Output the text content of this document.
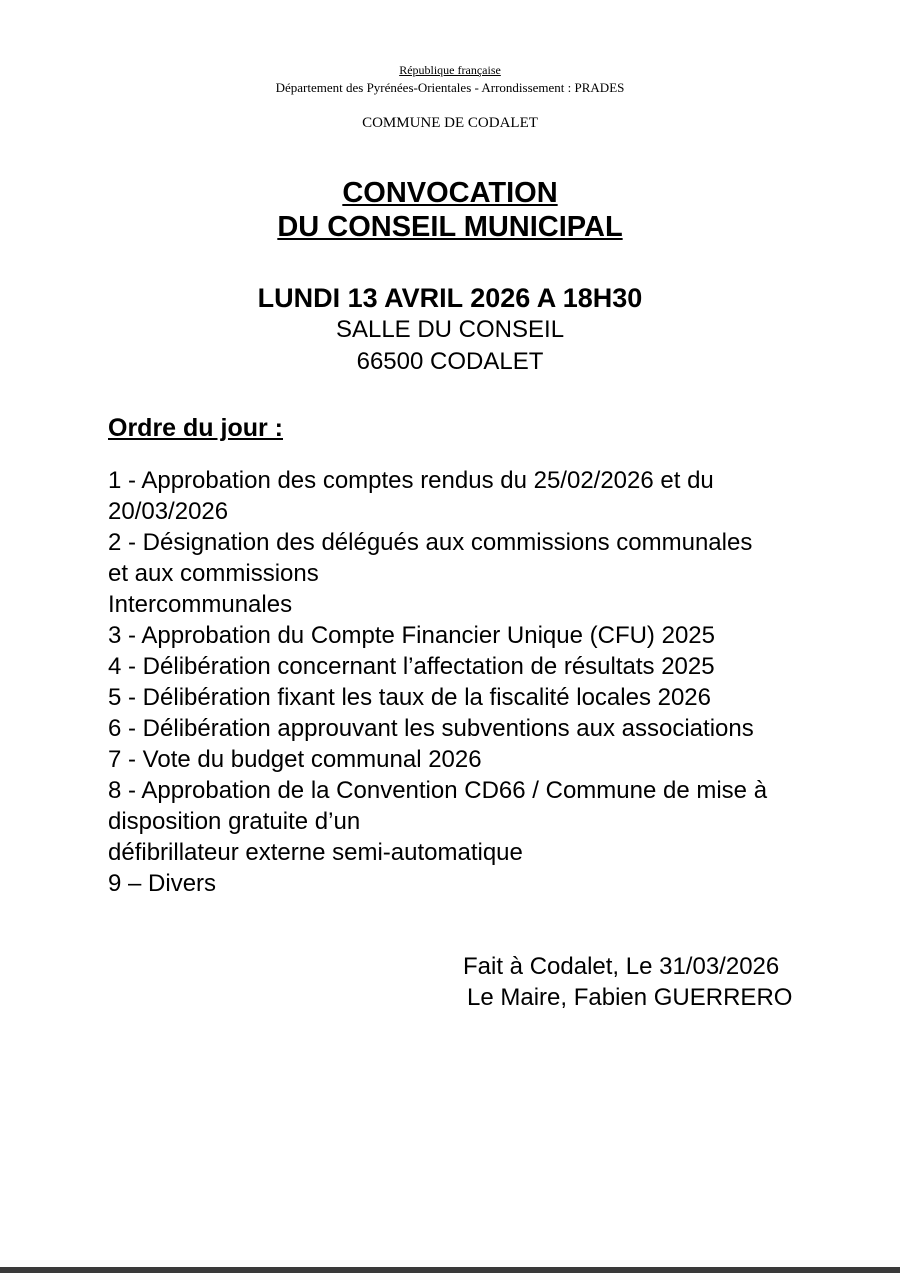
République française
Département des Pyrénées-Orientales - Arrondissement : PRADES
COMMUNE DE CODALET
CONVOCATION
DU CONSEIL MUNICIPAL
LUNDI 13 AVRIL 2026 A 18H30
SALLE DU CONSEIL
66500 CODALET
Ordre du jour :
1 - Approbation des comptes rendus du 25/02/2026 et du
20/03/2026
2 - Désignation des délégués aux commissions communales
et aux commissions
Intercommunales
3 - Approbation du Compte Financier Unique (CFU) 2025
4 - Délibération concernant l’affectation de résultats 2025
5 - Délibération fixant les taux de la fiscalité locales 2026
6 - Délibération approuvant les subventions aux associations
7 - Vote du budget communal 2026
8 - Approbation de la Convention CD66 / Commune de mise à
disposition gratuite d’un
défibrillateur externe semi-automatique
9 – Divers
Fait à Codalet, Le 31/03/2026
Le Maire, Fabien GUERRERO
